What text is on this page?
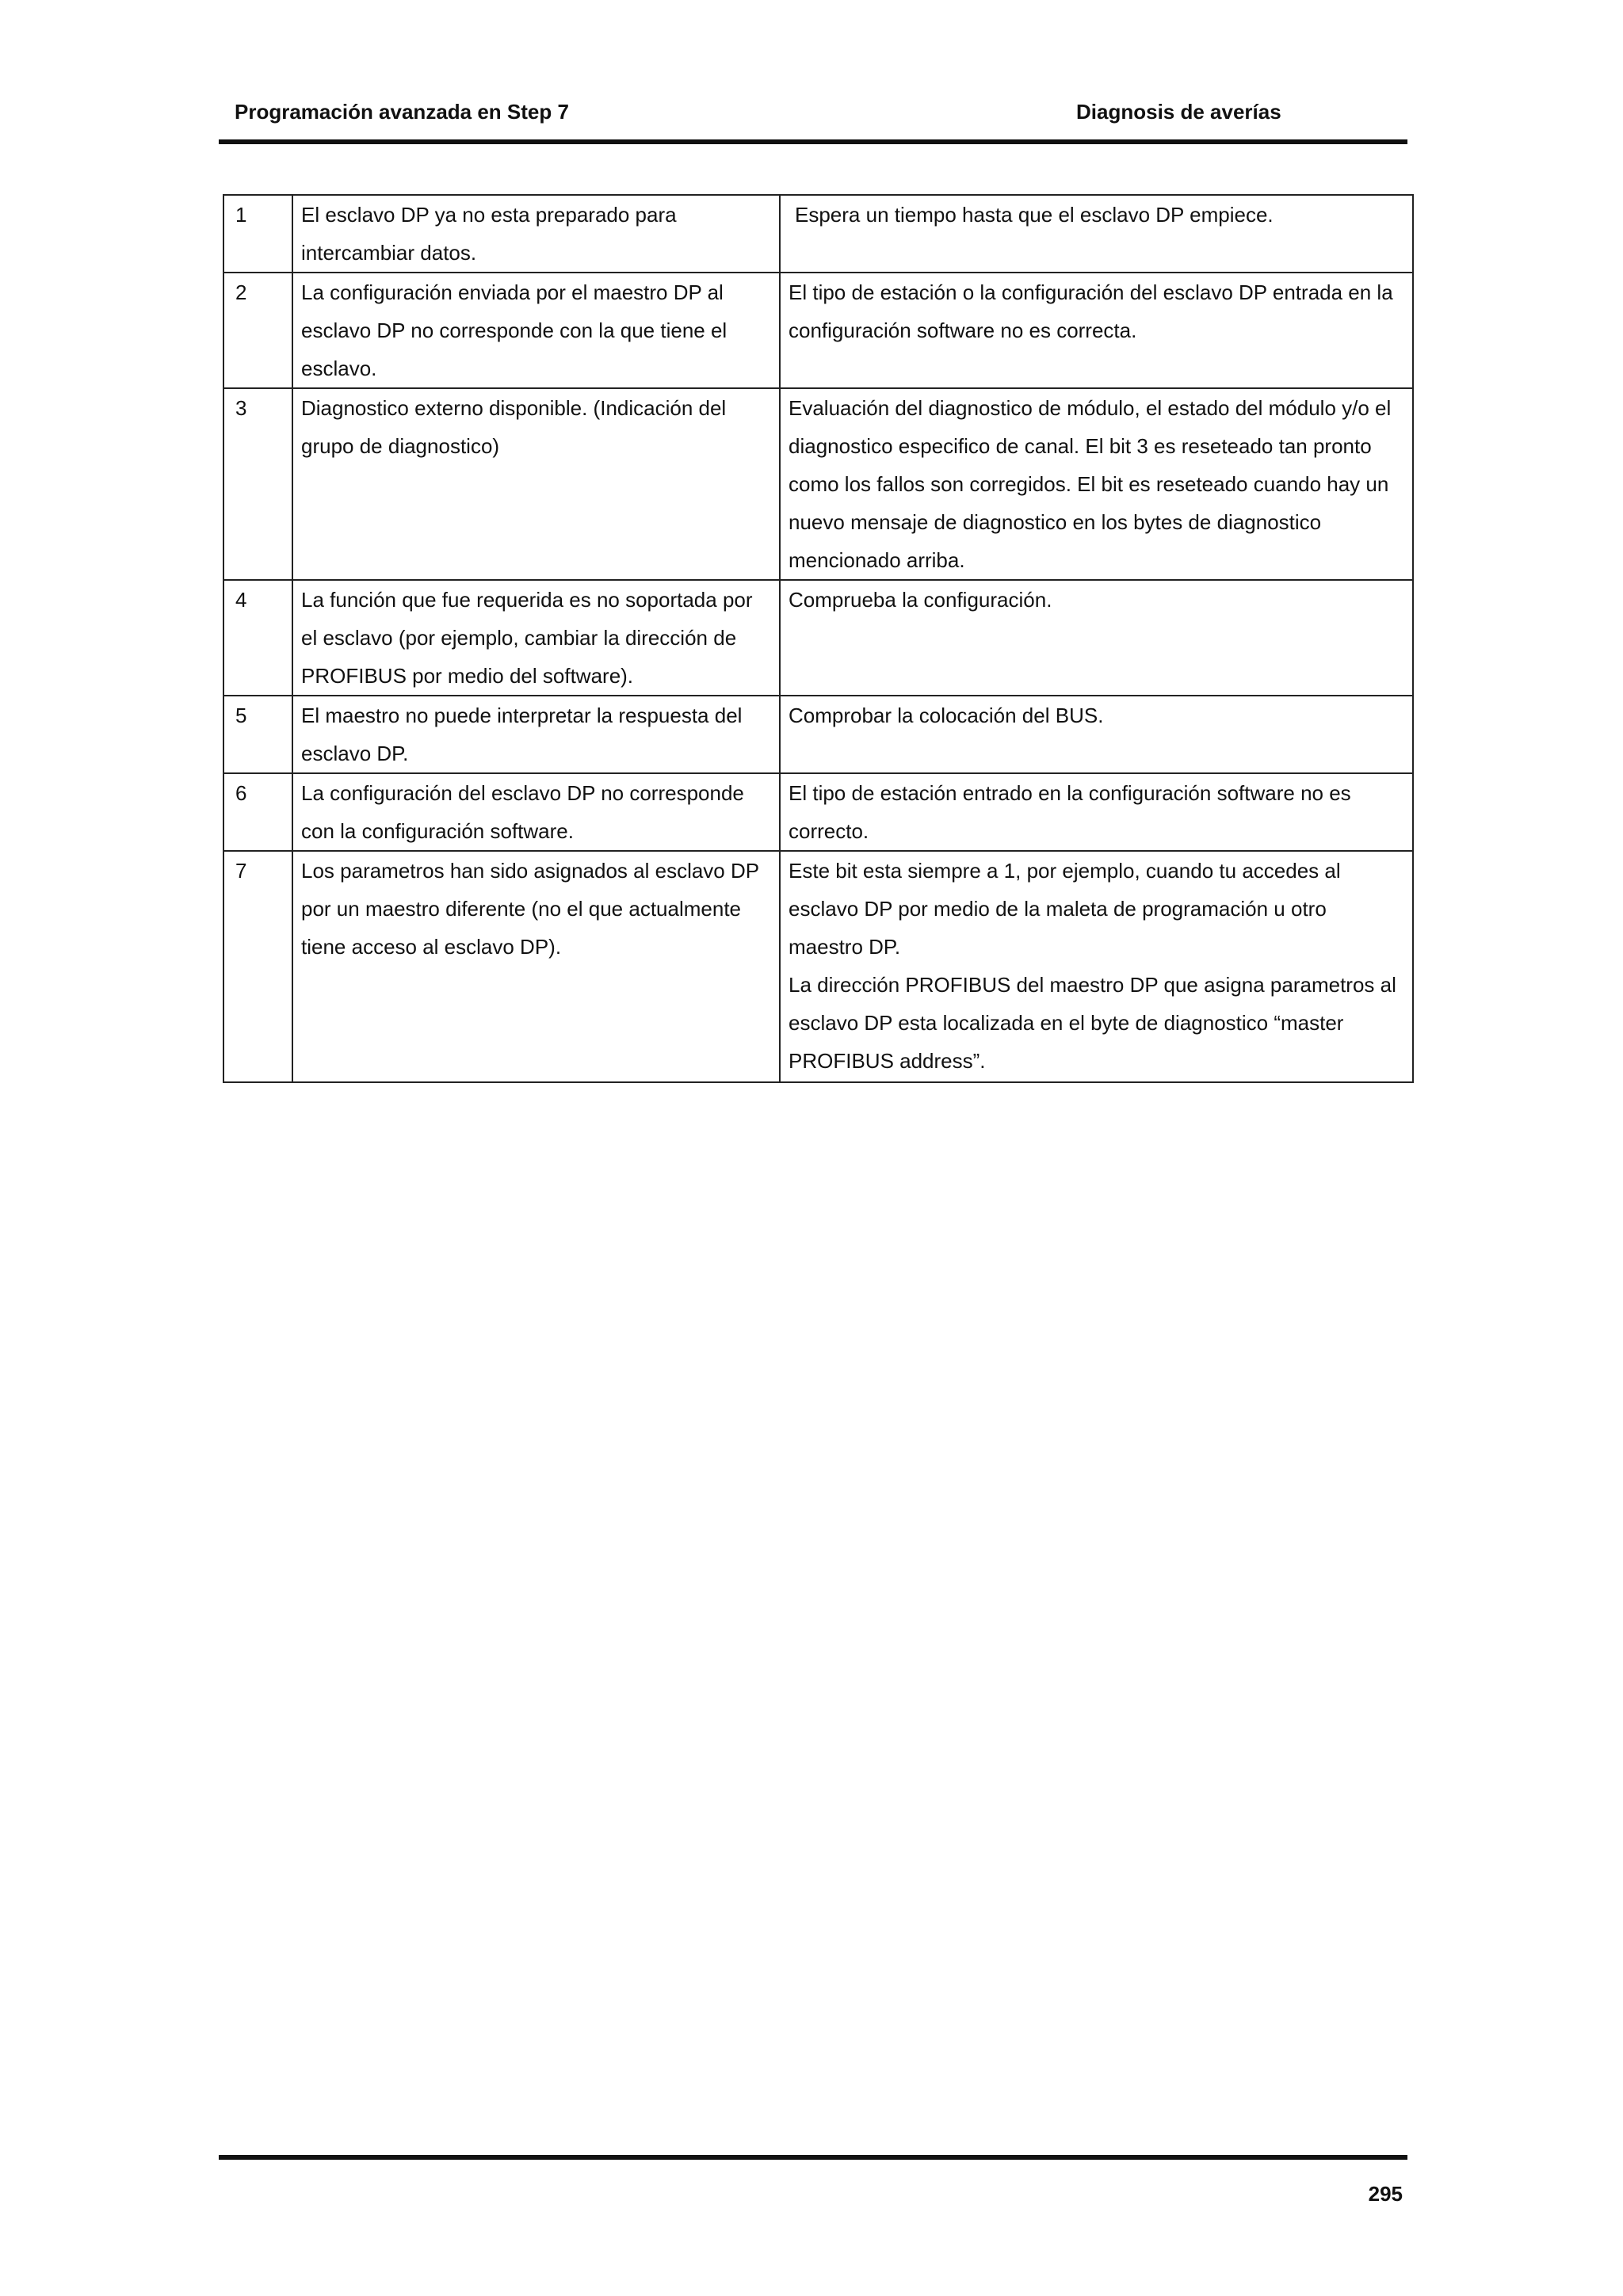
Programación avanzada en Step 7	Diagnosis de averías
1	El esclavo DP ya no esta preparado para intercambiar datos.	Espera un tiempo hasta que el esclavo DP empiece.

2	La configuración enviada por el maestro DP al esclavo DP no corresponde con la que tiene el esclavo.	El tipo de estación o la configuración del esclavo DP entrada en la configuración software no es correcta.

3	Diagnostico externo disponible. (Indicación del grupo de diagnostico)	Evaluación del diagnostico de módulo, el estado del módulo y/o el diagnostico especifico de canal. El bit 3 es reseteado tan pronto como los fallos son corregidos. El bit es reseteado cuando hay un nuevo mensaje de diagnostico en los bytes de diagnostico mencionado arriba.

4	La función que fue requerida es no soportada por el esclavo (por ejemplo, cambiar la dirección de PROFIBUS por medio del software).	Comprueba la configuración.

5	El maestro no puede interpretar la respuesta del esclavo DP.	Comprobar la colocación del BUS.

6	La configuración del esclavo DP no corresponde con la configuración software.	El tipo de estación entrado en la configuración software no es correcto.

7	Los parametros han sido asignados al esclavo DP por un maestro diferente (no el que actualmente tiene acceso al esclavo DP).	Este bit esta siempre a 1, por ejemplo, cuando tu accedes al esclavo DP por medio de la maleta de programación u otro maestro DP.
La dirección PROFIBUS del maestro DP que asigna parametros al esclavo DP esta localizada en el byte de diagnostico “master PROFIBUS address”.
295
